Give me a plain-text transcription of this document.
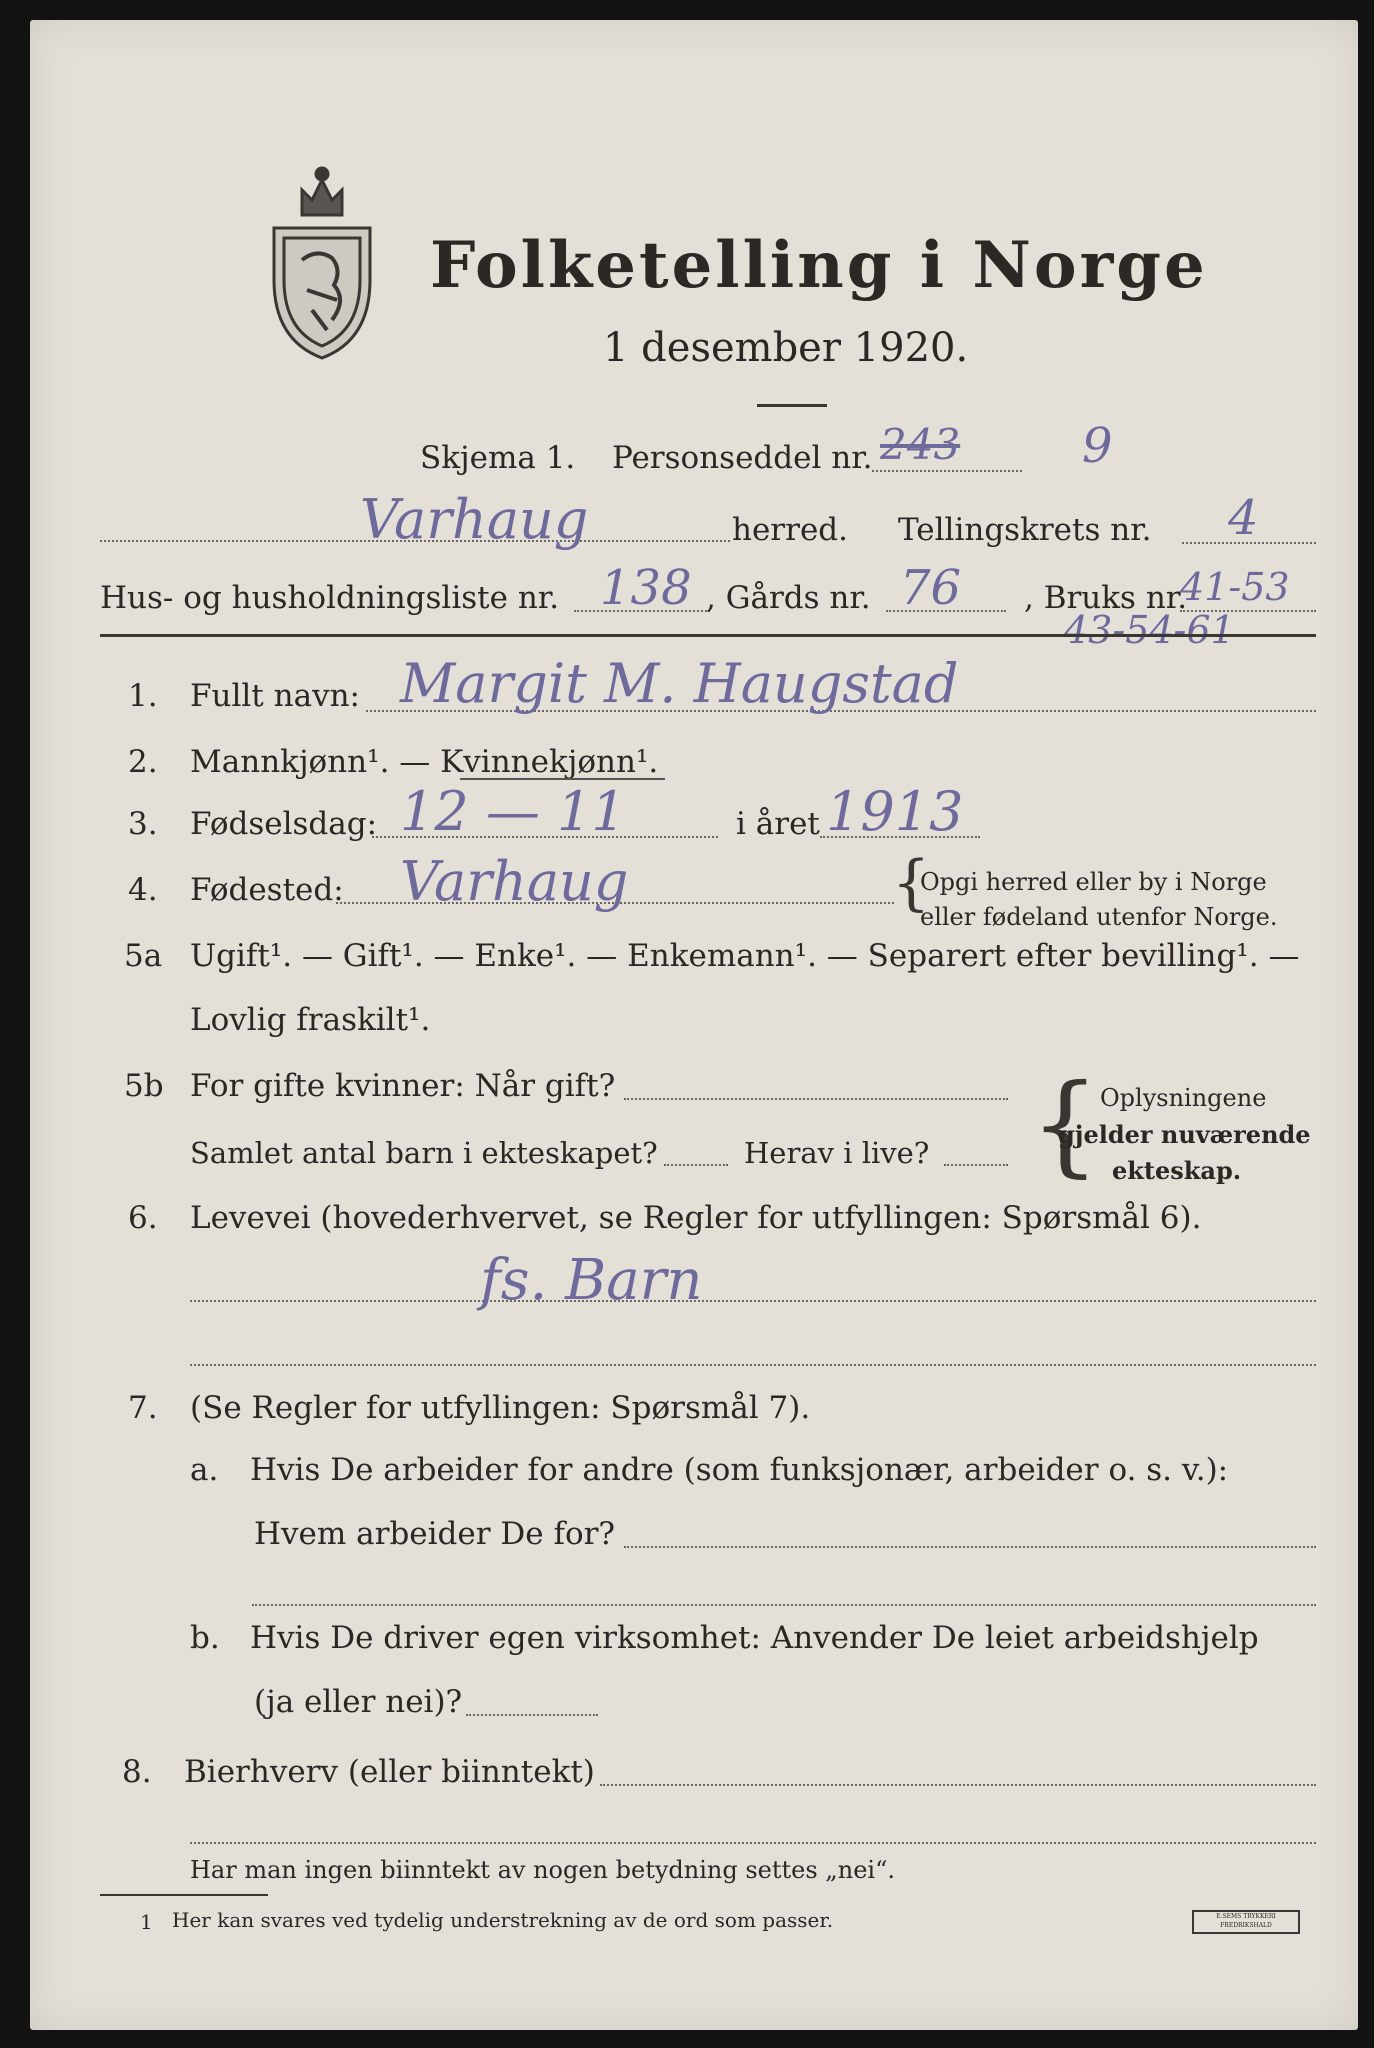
Folketelling i Norge
1 desember 1920.
Skjema 1. Personseddel nr. 243	9
Varhaug	herred. Tellingskrets nr. 4
Hus- og husholdningsliste nr. 138 , Gårds nr. 76 , Bruks nr.
41-53
43-54-61
1. Fullt navn: Margit M. Haugstad
2. Mannkjønn¹. — Kvinnekjønn¹.
3. Fødselsdag: 12 — 11	i året 1913
4. Fødested: Varhaug	{
Opgi herred eller by i Norge
eller fødeland utenfor Norge.
5a Ugift¹. — Gift¹. — Enke¹. — Enkemann¹. — Separert efter bevilling¹. —
Lovlig fraskilt¹.
5b For gifte kvinner: Når gift?
Samlet antal barn i ekteskapet?	Herav i live? { Oplysningene
gjelder nuværende
ekteskap.
6. Levevei (hovederhvervet, se Regler for utfyllingen: Spørsmål 6).
fs. Barn
7. (Se Regler for utfyllingen: Spørsmål 7).
a. Hvis De arbeider for andre (som funksjonær, arbeider o. s. v.):
Hvem arbeider De for?
b. Hvis De driver egen virksomhet: Anvender De leiet arbeidshjelp
(ja eller nei)?
8. Bierhverv (eller biinntekt)
Har man ingen biinntekt av nogen betydning settes „nei“.
1 Her kan svares ved tydelig understrekning av de ord som passer.	E.SEMS TRYKKERI FREDRIKSHALD
